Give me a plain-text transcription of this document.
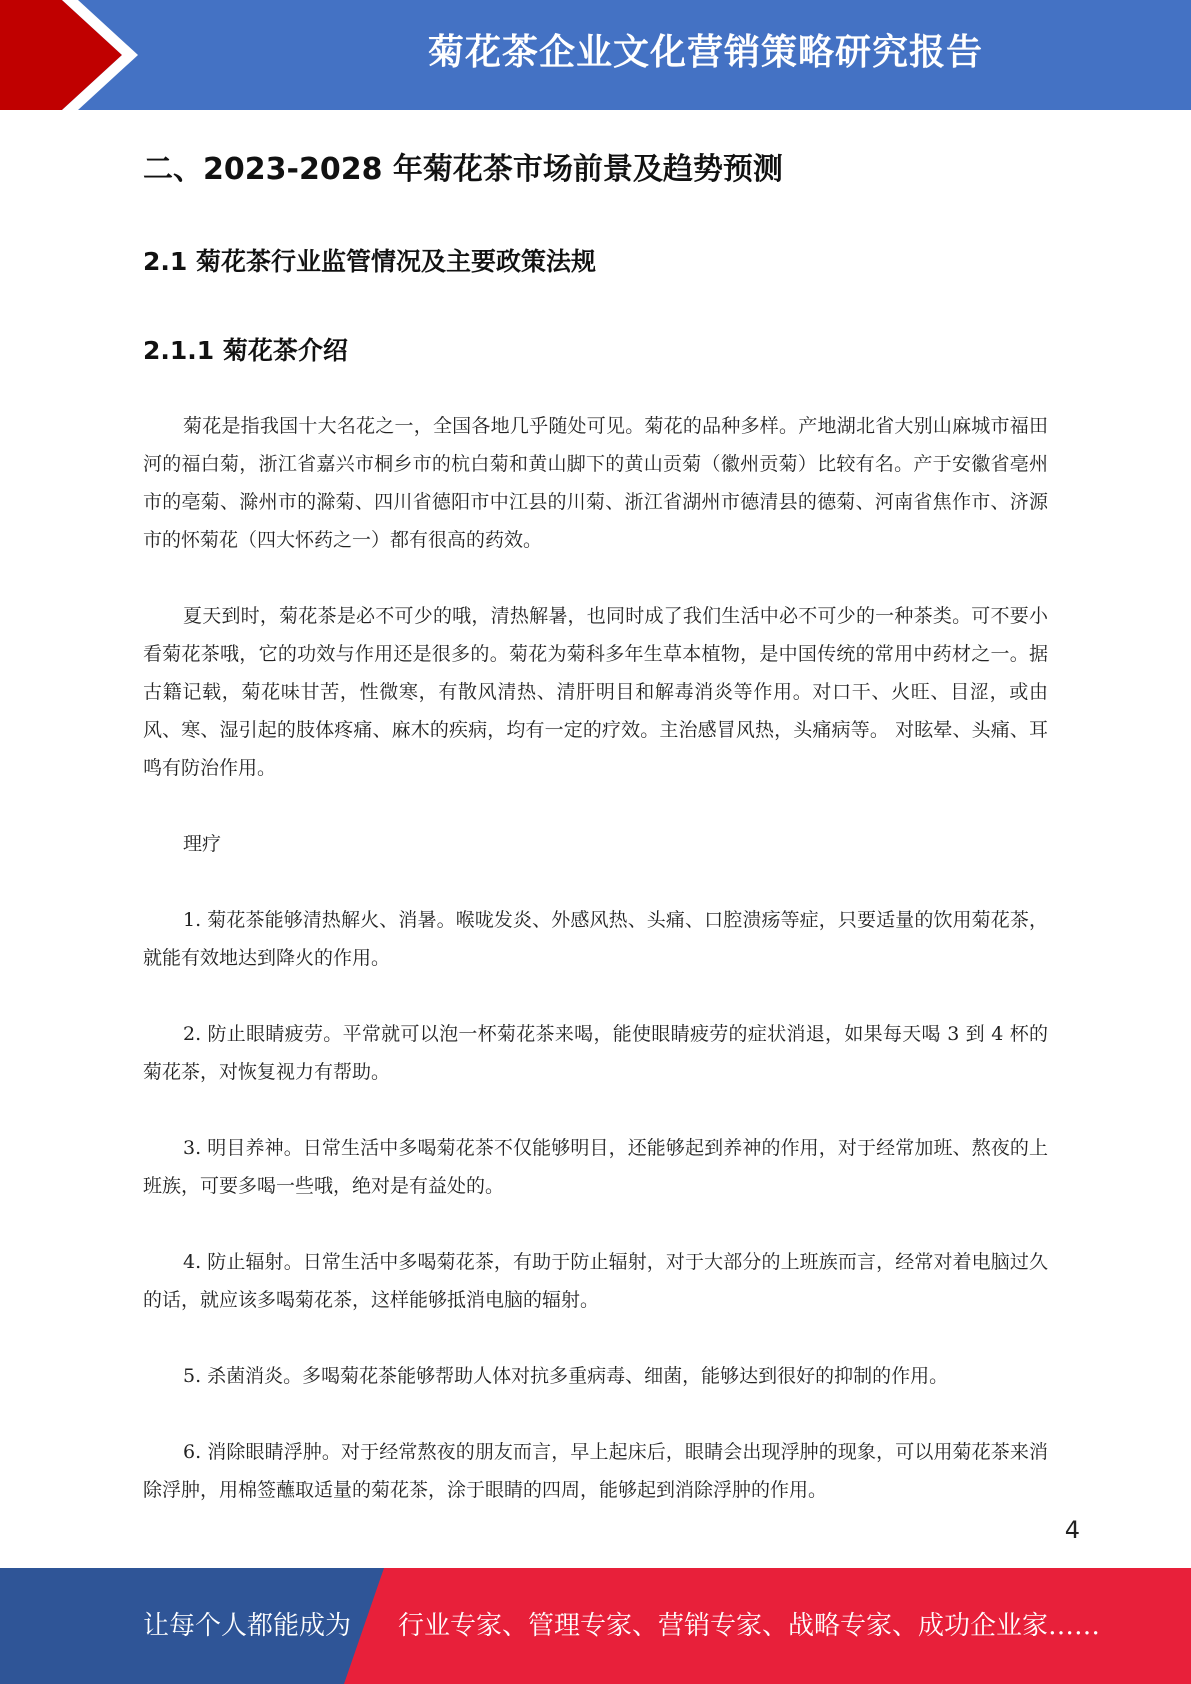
菊花茶企业文化营销策略研究报告
二、2023-2028 年菊花茶市场前景及趋势预测
2.1 菊花茶行业监管情况及主要政策法规
2.1.1 菊花茶介绍

菊花是指我国十大名花之一，全国各地几乎随处可见。菊花的品种多样。产地湖北省大别山麻城市福田河的福白菊，浙江省嘉兴市桐乡市的杭白菊和黄山脚下的黄山贡菊（徽州贡菊）比较有名。产于安徽省亳州市的亳菊、滁州市的滁菊、四川省德阳市中江县的川菊、浙江省湖州市德清县的德菊、河南省焦作市、济源市的怀菊花（四大怀药之一）都有很高的药效。

夏天到时，菊花茶是必不可少的哦，清热解暑，也同时成了我们生活中必不可少的一种茶类。可不要小看菊花茶哦，它的功效与作用还是很多的。菊花为菊科多年生草本植物，是中国传统的常用中药材之一。据古籍记载，菊花味甘苦，性微寒，有散风清热、清肝明目和解毒消炎等作用。对口干、火旺、目涩，或由风、寒、湿引起的肢体疼痛、麻木的疾病，均有一定的疗效。主治感冒风热，头痛病等。 对眩晕、头痛、耳鸣有防治作用。

理疗

1. 菊花茶能够清热解火、消暑。喉咙发炎、外感风热、头痛、口腔溃疡等症，只要适量的饮用菊花茶，就能有效地达到降火的作用。

2. 防止眼睛疲劳。平常就可以泡一杯菊花茶来喝，能使眼睛疲劳的症状消退，如果每天喝 3 到 4 杯的菊花茶，对恢复视力有帮助。

3. 明目养神。日常生活中多喝菊花茶不仅能够明目，还能够起到养神的作用，对于经常加班、熬夜的上班族，可要多喝一些哦，绝对是有益处的。

4. 防止辐射。日常生活中多喝菊花茶，有助于防止辐射，对于大部分的上班族而言，经常对着电脑过久的话，就应该多喝菊花茶，这样能够抵消电脑的辐射。

5. 杀菌消炎。多喝菊花茶能够帮助人体对抗多重病毒、细菌，能够达到很好的抑制的作用。

6. 消除眼睛浮肿。对于经常熬夜的朋友而言，早上起床后，眼睛会出现浮肿的现象，可以用菊花茶来消除浮肿，用棉签蘸取适量的菊花茶，涂于眼睛的四周，能够起到消除浮肿的作用。

4
让每个人都能成为 行业专家、管理专家、营销专家、战略专家、成功企业家……
